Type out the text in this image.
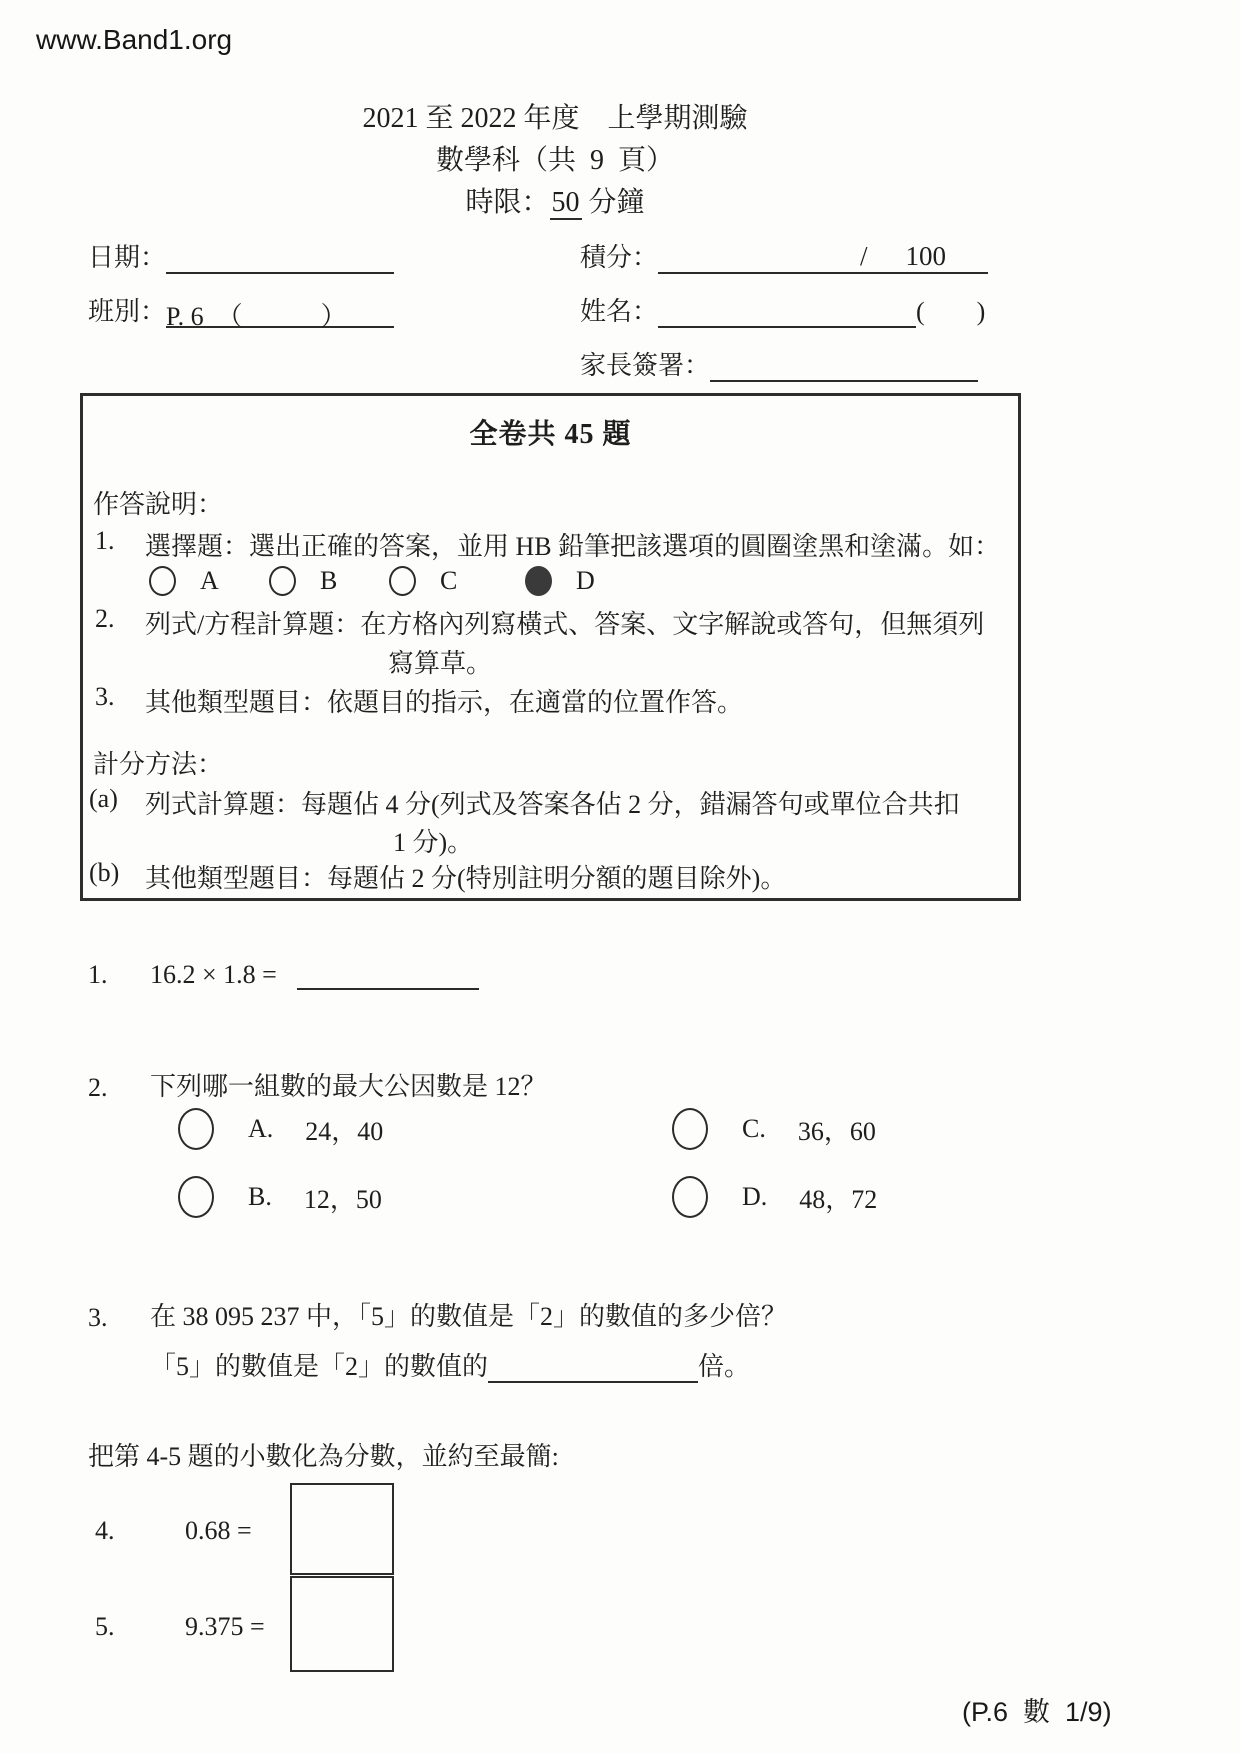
www.Band1.org
2021 至 2022 年度　上學期測驗
數學科（共  9  頁）
時限：50 分鐘
日期：	積分：	/ 100
班別： P. 6　（　　　）	姓名：	(　　)
家長簽署：
全卷共 45 題
作答說明：
1. 選擇題：選出正確的答案，並用 HB 鉛筆把該選項的圓圈塗黑和塗滿。如：
A	B	C	D
2. 列式/方程計算題：在方格內列寫橫式、答案、文字解說或答句，但無須列
寫算草。
3. 其他類型題目：依題目的指示，在適當的位置作答。
計分方法：
(a) 列式計算題：每題佔 4 分(列式及答案各佔 2 分，錯漏答句或單位合共扣
1 分)。
(b) 其他類型題目：每題佔 2 分(特別註明分額的題目除外)。
1.	16.2 × 1.8 =
2.	下列哪一組數的最大公因數是 12？
A. 24，40	C. 36，60
B. 12，50	D. 48，72
3.	在 38 095 237 中，「5」的數值是「2」的數值的多少倍？
「5」的數值是「2」的數值的	倍。
把第 4-5 題的小數化為分數，並約至最簡:
4.	0.68 =
5.	9.375 =
(P.6  數  1/9)
